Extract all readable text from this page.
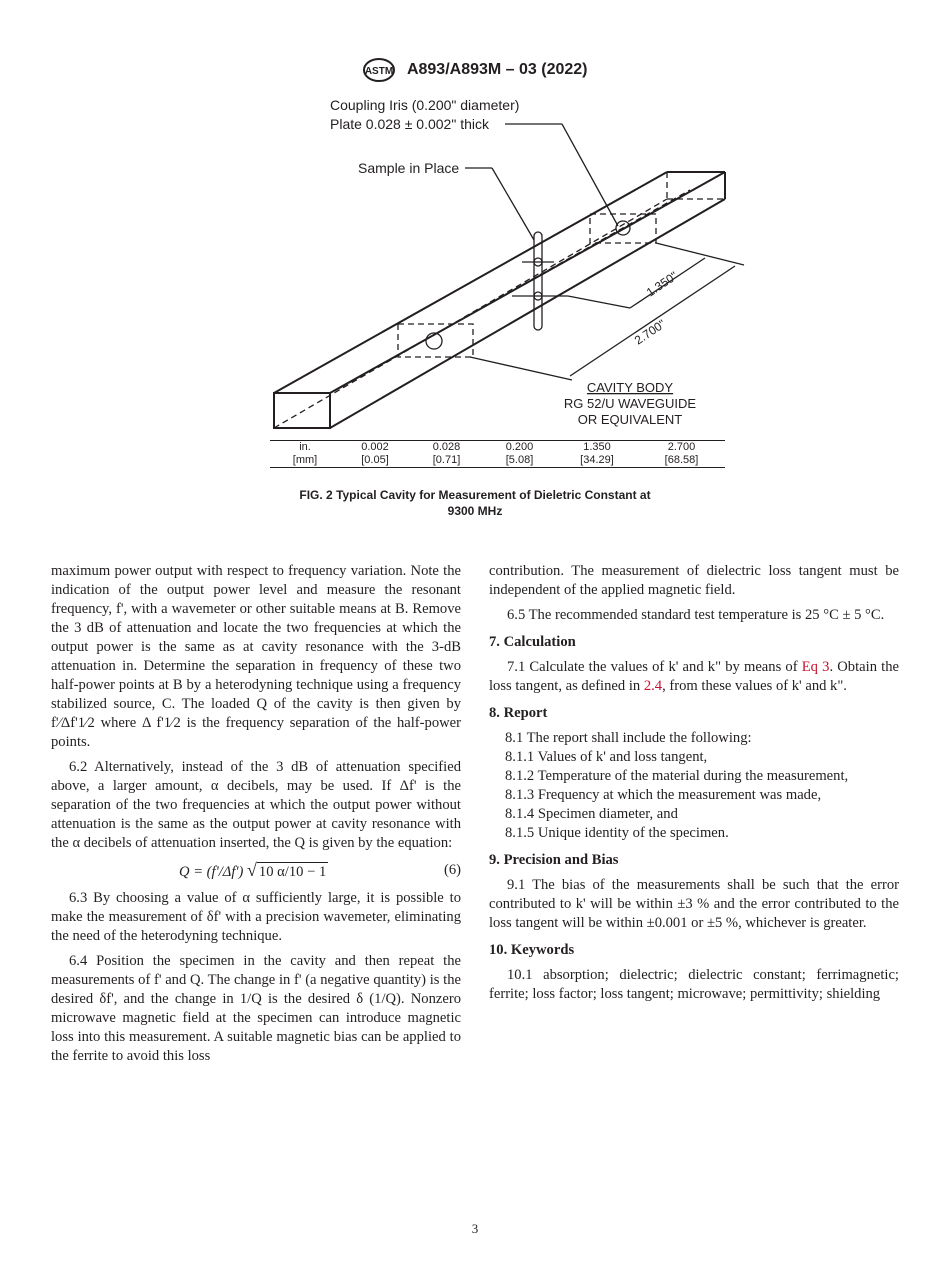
ASTM A893/A893M – 03 (2022)
Coupling Iris (0.200" diameter)
Plate 0.028 ± 0.002" thick
Sample in Place
1.350"
2.700"
CAVITY BODY
RG 52/U WAVEGUIDE
OR EQUIVALENT
in.	0.002	0.028	0.200	1.350	2.700
[mm]	[0.05]	[0.71]	[5.08]	[34.29]	[68.58]
FIG. 2 Typical Cavity for Measurement of Dieletric Constant at
9300 MHz

maximum power output with respect to frequency variation. Note the indication of the output power level and measure the resonant frequency, f', with a wavemeter or other suitable means at B. Remove the 3 dB of attenuation and locate the two frequencies at which the output power is the same as at cavity resonance with the 3-dB attenuation in. Determine the separation in frequency of these two half-power points at B by a heterodyning technique using a frequency stabilized source, C. The loaded Q of the cavity is then given by f'⁄Δf'1⁄2 where Δ f'1⁄2 is the frequency separation of the half-power points.

6.2 Alternatively, instead of the 3 dB of attenuation specified above, a larger amount, α decibels, may be used. If Δf' is the separation of the two frequencies at which the output power without attenuation is the same as the output power at cavity resonance with the α decibels of attenuation inserted, the Q is given by the equation:

Q = (f'/Δf') √ 10 α/10 − 1	(6)

6.3 By choosing a value of α sufficiently large, it is possible to make the measurement of δf' with a precision wavemeter, eliminating the need of the heterodyning technique.

6.4 Position the specimen in the cavity and then repeat the measurements of f' and Q. The change in f' (a negative quantity) is the desired δf', and the change in 1/Q is the desired δ (1/Q). Nonzero microwave magnetic field at the specimen can introduce magnetic loss into this measurement. A suitable magnetic bias can be applied to the ferrite to avoid this loss

contribution. The measurement of dielectric loss tangent must be independent of the applied magnetic field.

6.5 The recommended standard test temperature is 25 °C ± 5 °C.

7. Calculation

7.1 Calculate the values of k' and k" by means of Eq 3. Obtain the loss tangent, as defined in 2.4, from these values of k' and k".

8. Report

8.1 The report shall include the following:

8.1.1 Values of k' and loss tangent,

8.1.2 Temperature of the material during the measurement,

8.1.3 Frequency at which the measurement was made,

8.1.4 Specimen diameter, and

8.1.5 Unique identity of the specimen.

9. Precision and Bias

9.1 The bias of the measurements shall be such that the error contributed to k' will be within ±3 % and the error contributed to the loss tangent will be within ±0.001 or ±5 %, whichever is greater.

10. Keywords

10.1 absorption; dielectric; dielectric constant; ferrimagnetic; ferrite; loss factor; loss tangent; microwave; permittivity; shielding

3
